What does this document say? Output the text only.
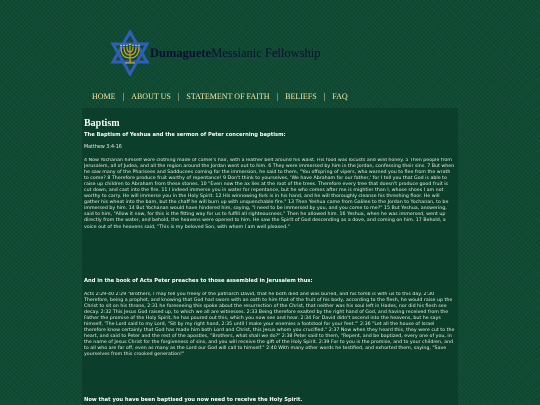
DumagueteMessianic Fellowship
HOME | ABOUT US | STATEMENT OF FAITH | BELIEFS | FAQ
Baptism
The Baptism of Yeshua and the sermon of Peter concerning baptism:
Matthew 3:4-16
4 Now Yochanan himself wore clothing made of camel's hair, with a leather belt around his waist. His food was locusts and wild honey. 5 Then people from Jerusalem, all of Judea, and all the region around the Jordan went out to him. 6 They were immersed by him in the Jordan, confessing their sins. 7 But when he saw many of the Pharisees and Sadducees coming for the immersion, he said to them, "You offspring of vipers, who warned you to flee from the wrath to come? 8 Therefore produce fruit worthy of repentance! 9 Don't think to yourselves, 'We have Abraham for our father,' for I tell you that God is able to raise up children to Abraham from these stones. 10 "Even now the ax lies at the root of the trees. Therefore every tree that doesn't produce good fruit is cut down, and cast into the fire. 11 I indeed immerse you in water for repentance, but he who comes after me is mightier than I, whose shoes I am not worthy to carry. He will immerse you in the Holy Spirit. 12 His winnowing fork is in his hand, and he will thoroughly cleanse his threshing floor. He will gather his wheat into the barn, but the chaff he will burn up with unquenchable fire." 13 Then Yeshua came from Galilee to the Jordan to Yochanan, to be immersed by him. 14 But Yochanan would have hindered him, saying, "I need to be immersed by you, and you come to me?" 15 But Yeshua, answering, said to him, "Allow it now, for this is the fitting way for us to fulfill all righteousness." Then he allowed him. 16 Yeshua, when he was immersed, went up directly from the water, and behold, the heavens were opened to him. He saw the Spirit of God descending as a dove, and coming on him. 17 Behold, a voice out of the heavens said, "This is my beloved Son, with whom I am well pleased."
And in the book of Acts Peter preaches to those assembled in Jerusalem thus:
Acts 2:29-40 2:29 "Brothers, I may tell you freely of the patriarch David, that he both died and was buried, and his tomb is with us to this day. 2:30 Therefore, being a prophet, and knowing that God had sworn with an oath to him that of the fruit of his body, according to the flesh, he would raise up the Christ to sit on his throne, 2:31 he foreseeing this spoke about the resurrection of the Christ, that neither was his soul left in Hades, nor did his flesh see decay. 2:32 This Jesus God raised up, to which we all are witnesses. 2:33 Being therefore exalted by the right hand of God, and having received from the Father the promise of the Holy Spirit, he has poured out this, which you now see and hear. 2:34 For David didn't ascend into the heavens, but he says himself, 'The Lord said to my Lord, "Sit by my right hand, 2:35 until I make your enemies a footstool for your feet."' 2:36 "Let all the house of Israel therefore know certainly that God has made him both Lord and Christ, this Jesus whom you crucified." 2:37 Now when they heard this, they were cut to the heart, and said to Peter and the rest of the apostles, "Brothers, what shall we do?" 2:38 Peter said to them, "Repent, and be baptized, every one of you, in the name of Jesus Christ for the forgiveness of sins, and you will receive the gift of the Holy Spirit. 2:39 For to you is the promise, and to your children, and to all who are far off, even as many as the Lord our God will call to himself." 2:40 With many other words he testified, and exhorted them, saying, "Save yourselves from this crooked generation!"
Now that you have been baptised you now need to receive the Holy Spirit.
